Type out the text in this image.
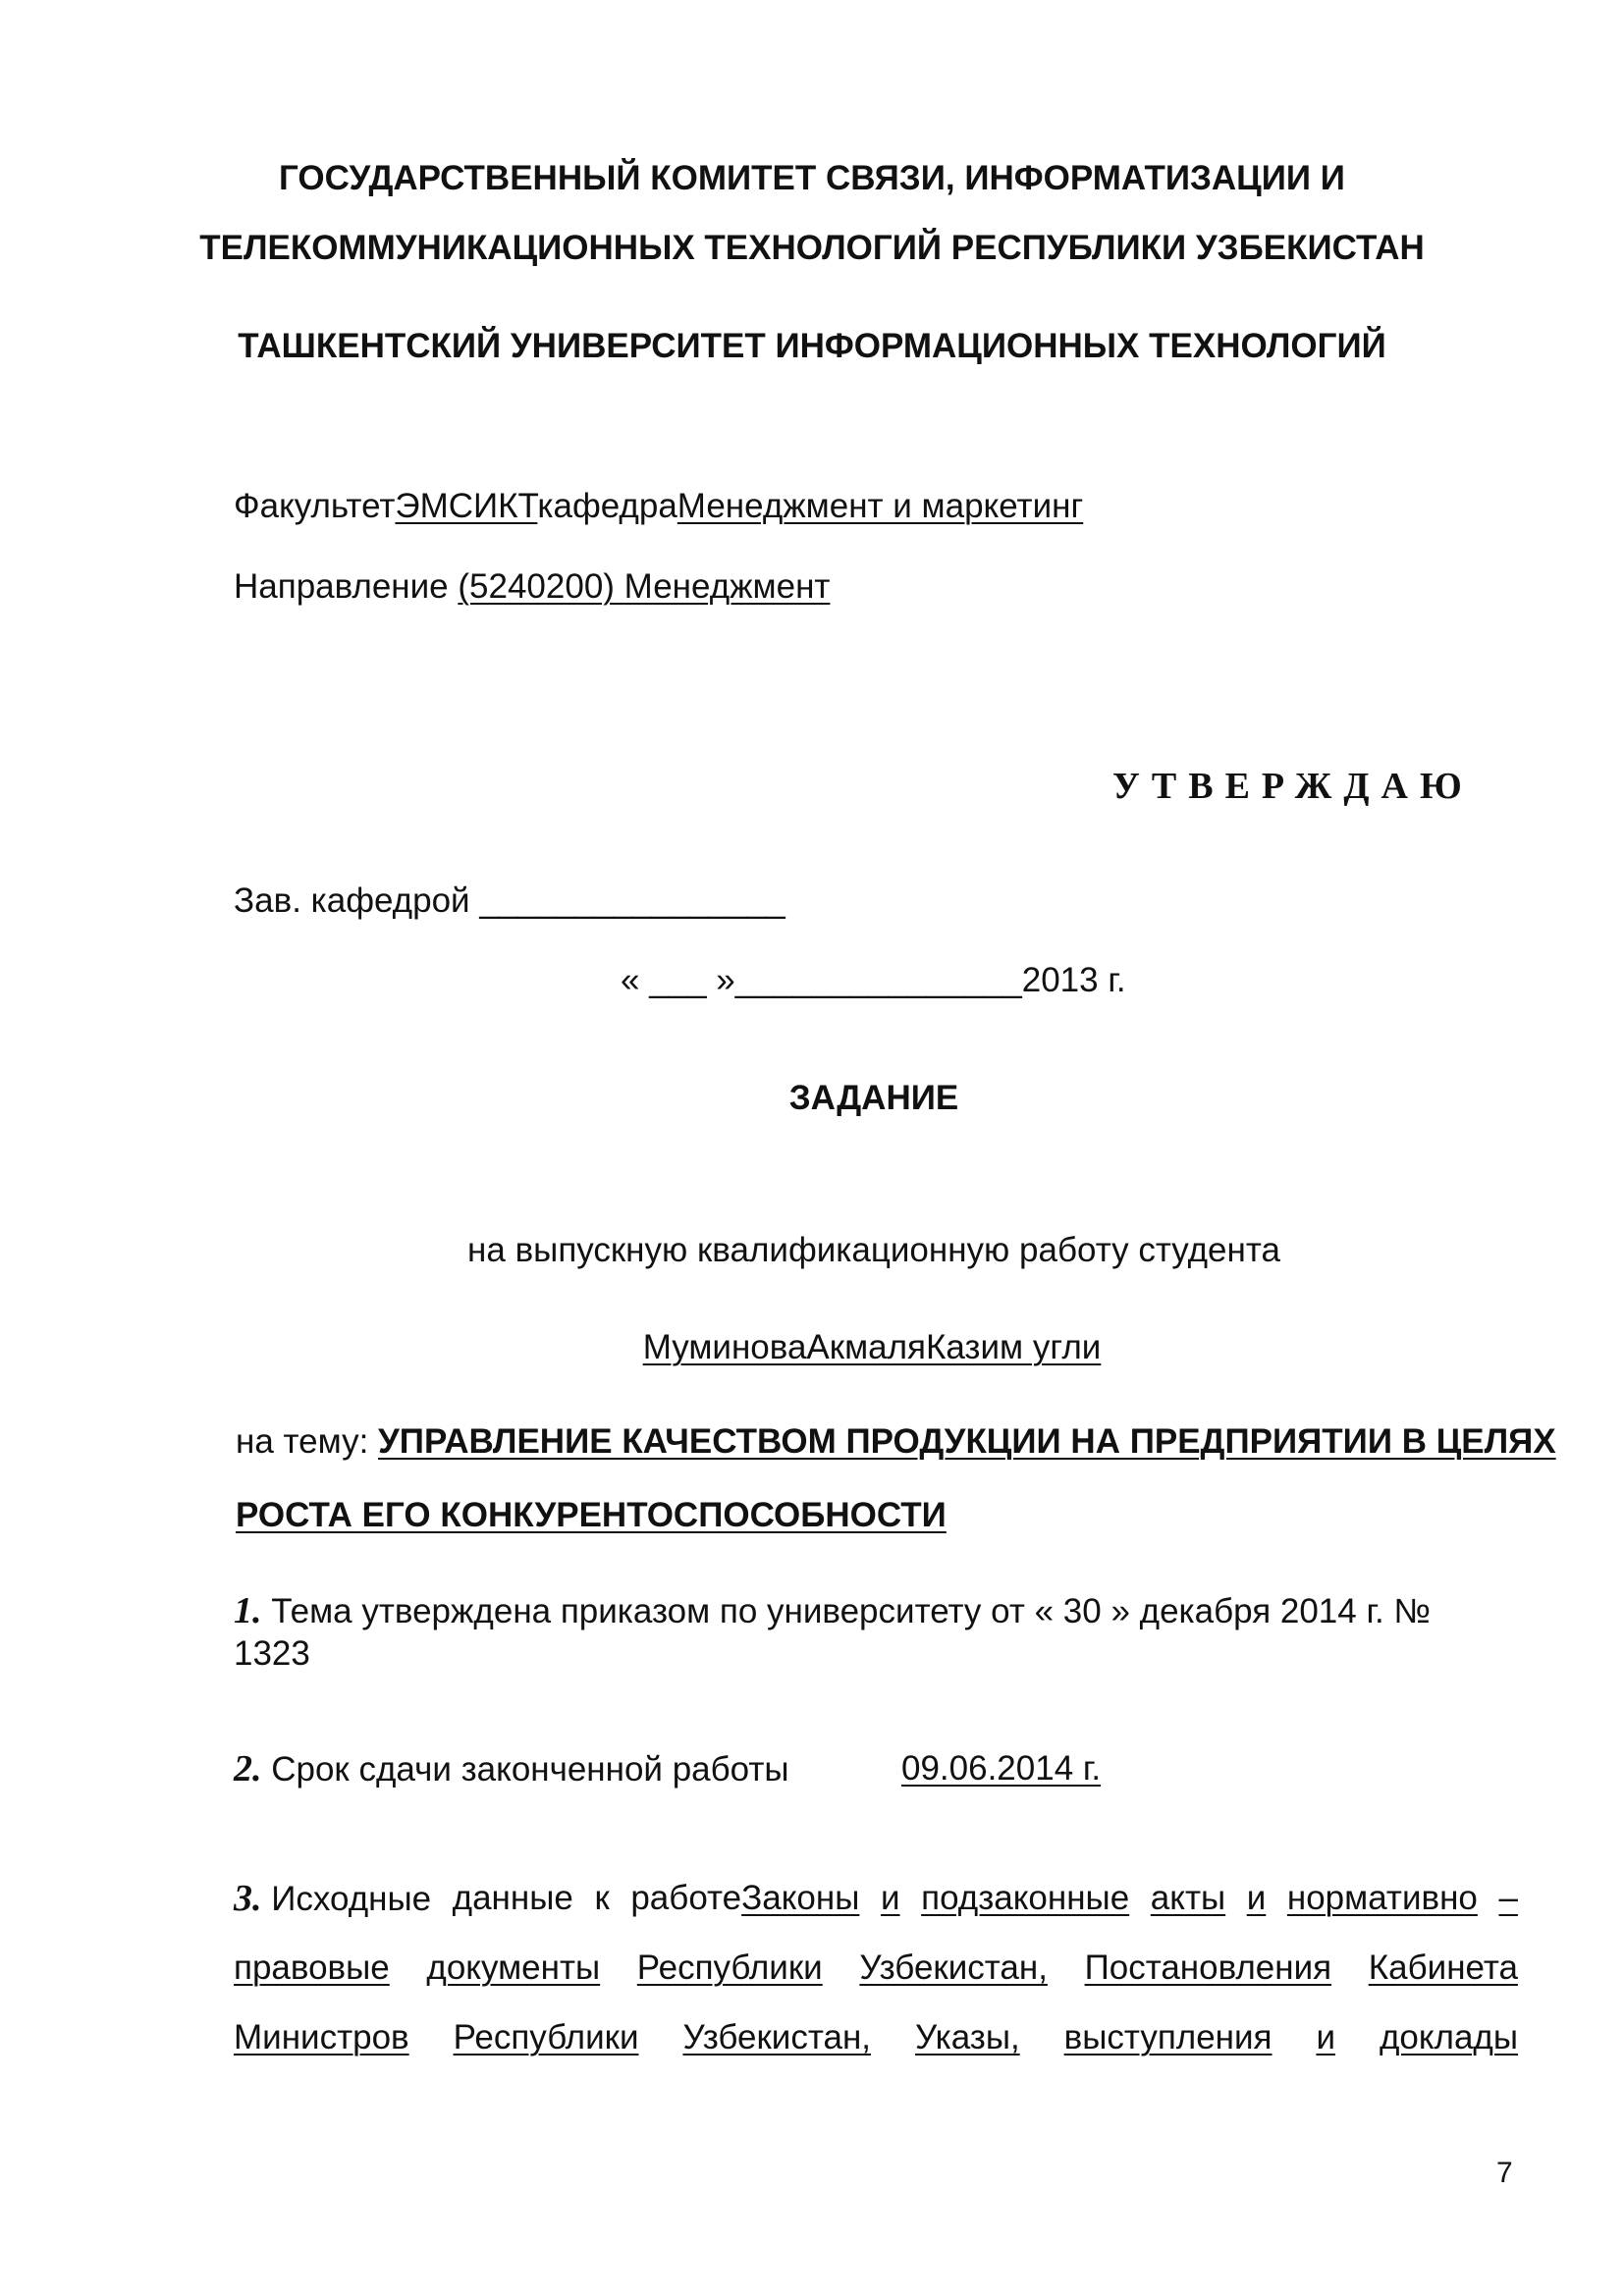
ГОСУДАРСТВЕННЫЙ КОМИТЕТ СВЯЗИ, ИНФОРМАТИЗАЦИИ И
ТЕЛЕКОММУНИКАЦИОННЫХ ТЕХНОЛОГИЙ РЕСПУБЛИКИ УЗБЕКИСТАН
ТАШКЕНТСКИЙ УНИВЕРСИТЕТ ИНФОРМАЦИОННЫХ ТЕХНОЛОГИЙ
ФакультетЭМСИКТкафедраМенеджмент и маркетинг
Направление (5240200) Менеджмент
УТВЕРЖДАЮ
Зав. кафедрой ________________
« ___ »_______________2013 г.
ЗАДАНИЕ
на выпускную квалификационную работу студента
МуминоваАкмаляКазим угли
на тему: УПРАВЛЕНИЕ КАЧЕСТВОМ ПРОДУКЦИИ НА ПРЕДПРИЯТИИ В ЦЕЛЯХ
РОСТА ЕГО КОНКУРЕНТОСПОСОБНОСТИ
1. Тема утверждена приказом по университету от « 30 » декабря 2014 г. №
1323
2. Срок сдачи законченной работы	09.06.2014 г.
3. Исходные данные к работеЗаконы и подзаконные акты и нормативно –
правовые документы Республики Узбекистан, Постановления Кабинета
Министров Республики Узбекистан, Указы, выступления и доклады
7
